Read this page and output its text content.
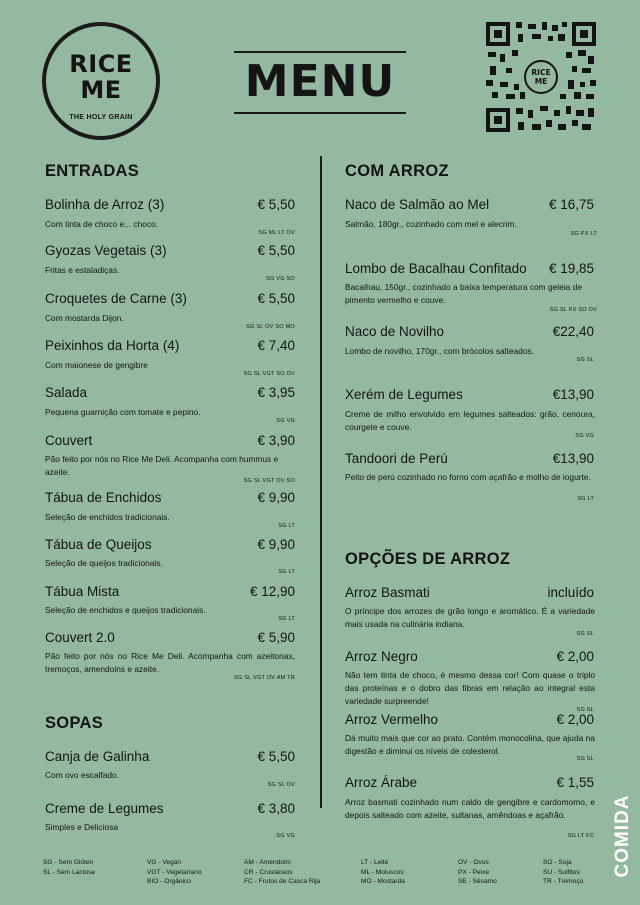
RICE
ME
THE HOLY GRAIN
MENU	RICE
ME
ENTRADAS
Bolinha de Arroz (3)	€ 5,50
Com tinta de choco e... choco.
SG ML LT OV
Gyozas Vegetais (3)	€ 5,50
Fritas e estaladiças.
SG VG SO
Croquetes de Carne (3)	€ 5,50
Com mostarda Dijon.
SG SL OV SO MO
Peixinhos da Horta (4)	€ 7,40
Com maionese de gengibre
SG SL VGT SO OV
Salada	€ 3,95
Pequena guarnição com tomate e pepino.
SG VG
Couvert	€ 3,90
Pão feito por nós no Rice Me Deli. Acompanha com hummus e azeite.
SG SL VGT OV SO
Tábua de Enchidos	€ 9,90
Seleção de enchidos tradicionais.
SG LT
Tábua de Queijos	€ 9,90
Seleção de queijos tradicionais.
SG LT
Tábua Mista	€ 12,90
Seleção de enchidos e queijos tradicionais.
SG LT
Couvert 2.0	€ 5,90
Pão feito por nós no Rice Me Deli. Acompanha com azeitonas, tremoços, amendoins e azeite.
SG SL VGT OV AM TR
SOPAS
Canja de Galinha	€ 5,50
Com ovo escalfado.
SG SL OV
Creme de Legumes	€ 3,80
Simples e Deliciosa
SG VG
COM ARROZ
Naco de Salmão ao Mel	€ 16,75
Salmão, 180gr., cozinhado com mel e alecrim.
SG PX LT
Lombo de Bacalhau Confitado € 19,85
Bacalhau, 150gr., cozinhado a baixa temperatura com geleia de pimento vermelho e couve.
SG SL PX SO OV
Naco de Novilho	€22,40
Lombo de novilho, 170gr., com brócolos salteados.
SG SL
Xerém de Legumes	€13,90
Creme de milho envolvido em legumes salteados: grão, cenoura, courgete e couve.
SG VG
Tandoori de Perú	€13,90
Peito de perú cozinhado no forno com açafrão e molho de iogurte.
SG LT
OPÇÕES DE ARROZ
Arroz Basmati	incluído
O príncipe dos arrozes de grão longo e aromático. É a variedade mais usada na culinária indiana.
SG SL
Arroz Negro	€ 2,00
Não tem tinta de choco, é mesmo dessa cor! Com quase o triplo das proteínas e o dobro das fibras em relação ao integral esta variedade surpreende!
SG SL
Arroz Vermelho	€ 2,00
Dá muito mais que cor ao prato. Contém monocolina, que ajuda na digestão e diminui os níveis de colesterol.
SG SL
Arroz Árabe	€ 1,55
Arroz basmati cozinhado num caldo de gengibre e cardomomo, e depois salteado com azeite, sultanas, amêndoas e açafrão.
SG LT FC
SG - Sem Glúten
SL - Sem Lactose
VG - Vegan
VGT - Vegetariano
BIO - Orgânico
AM - Amendoim
CR - Crustáceos
FC - Frutos de Casca Rija
LT - Leite
ML - Moluscos
MO - Mostarda
OV - Ovos
PX - Peixe
SE - Sésamo
SO - Soja
SU - Sulfitos
TR - Tremoço
COMIDA
